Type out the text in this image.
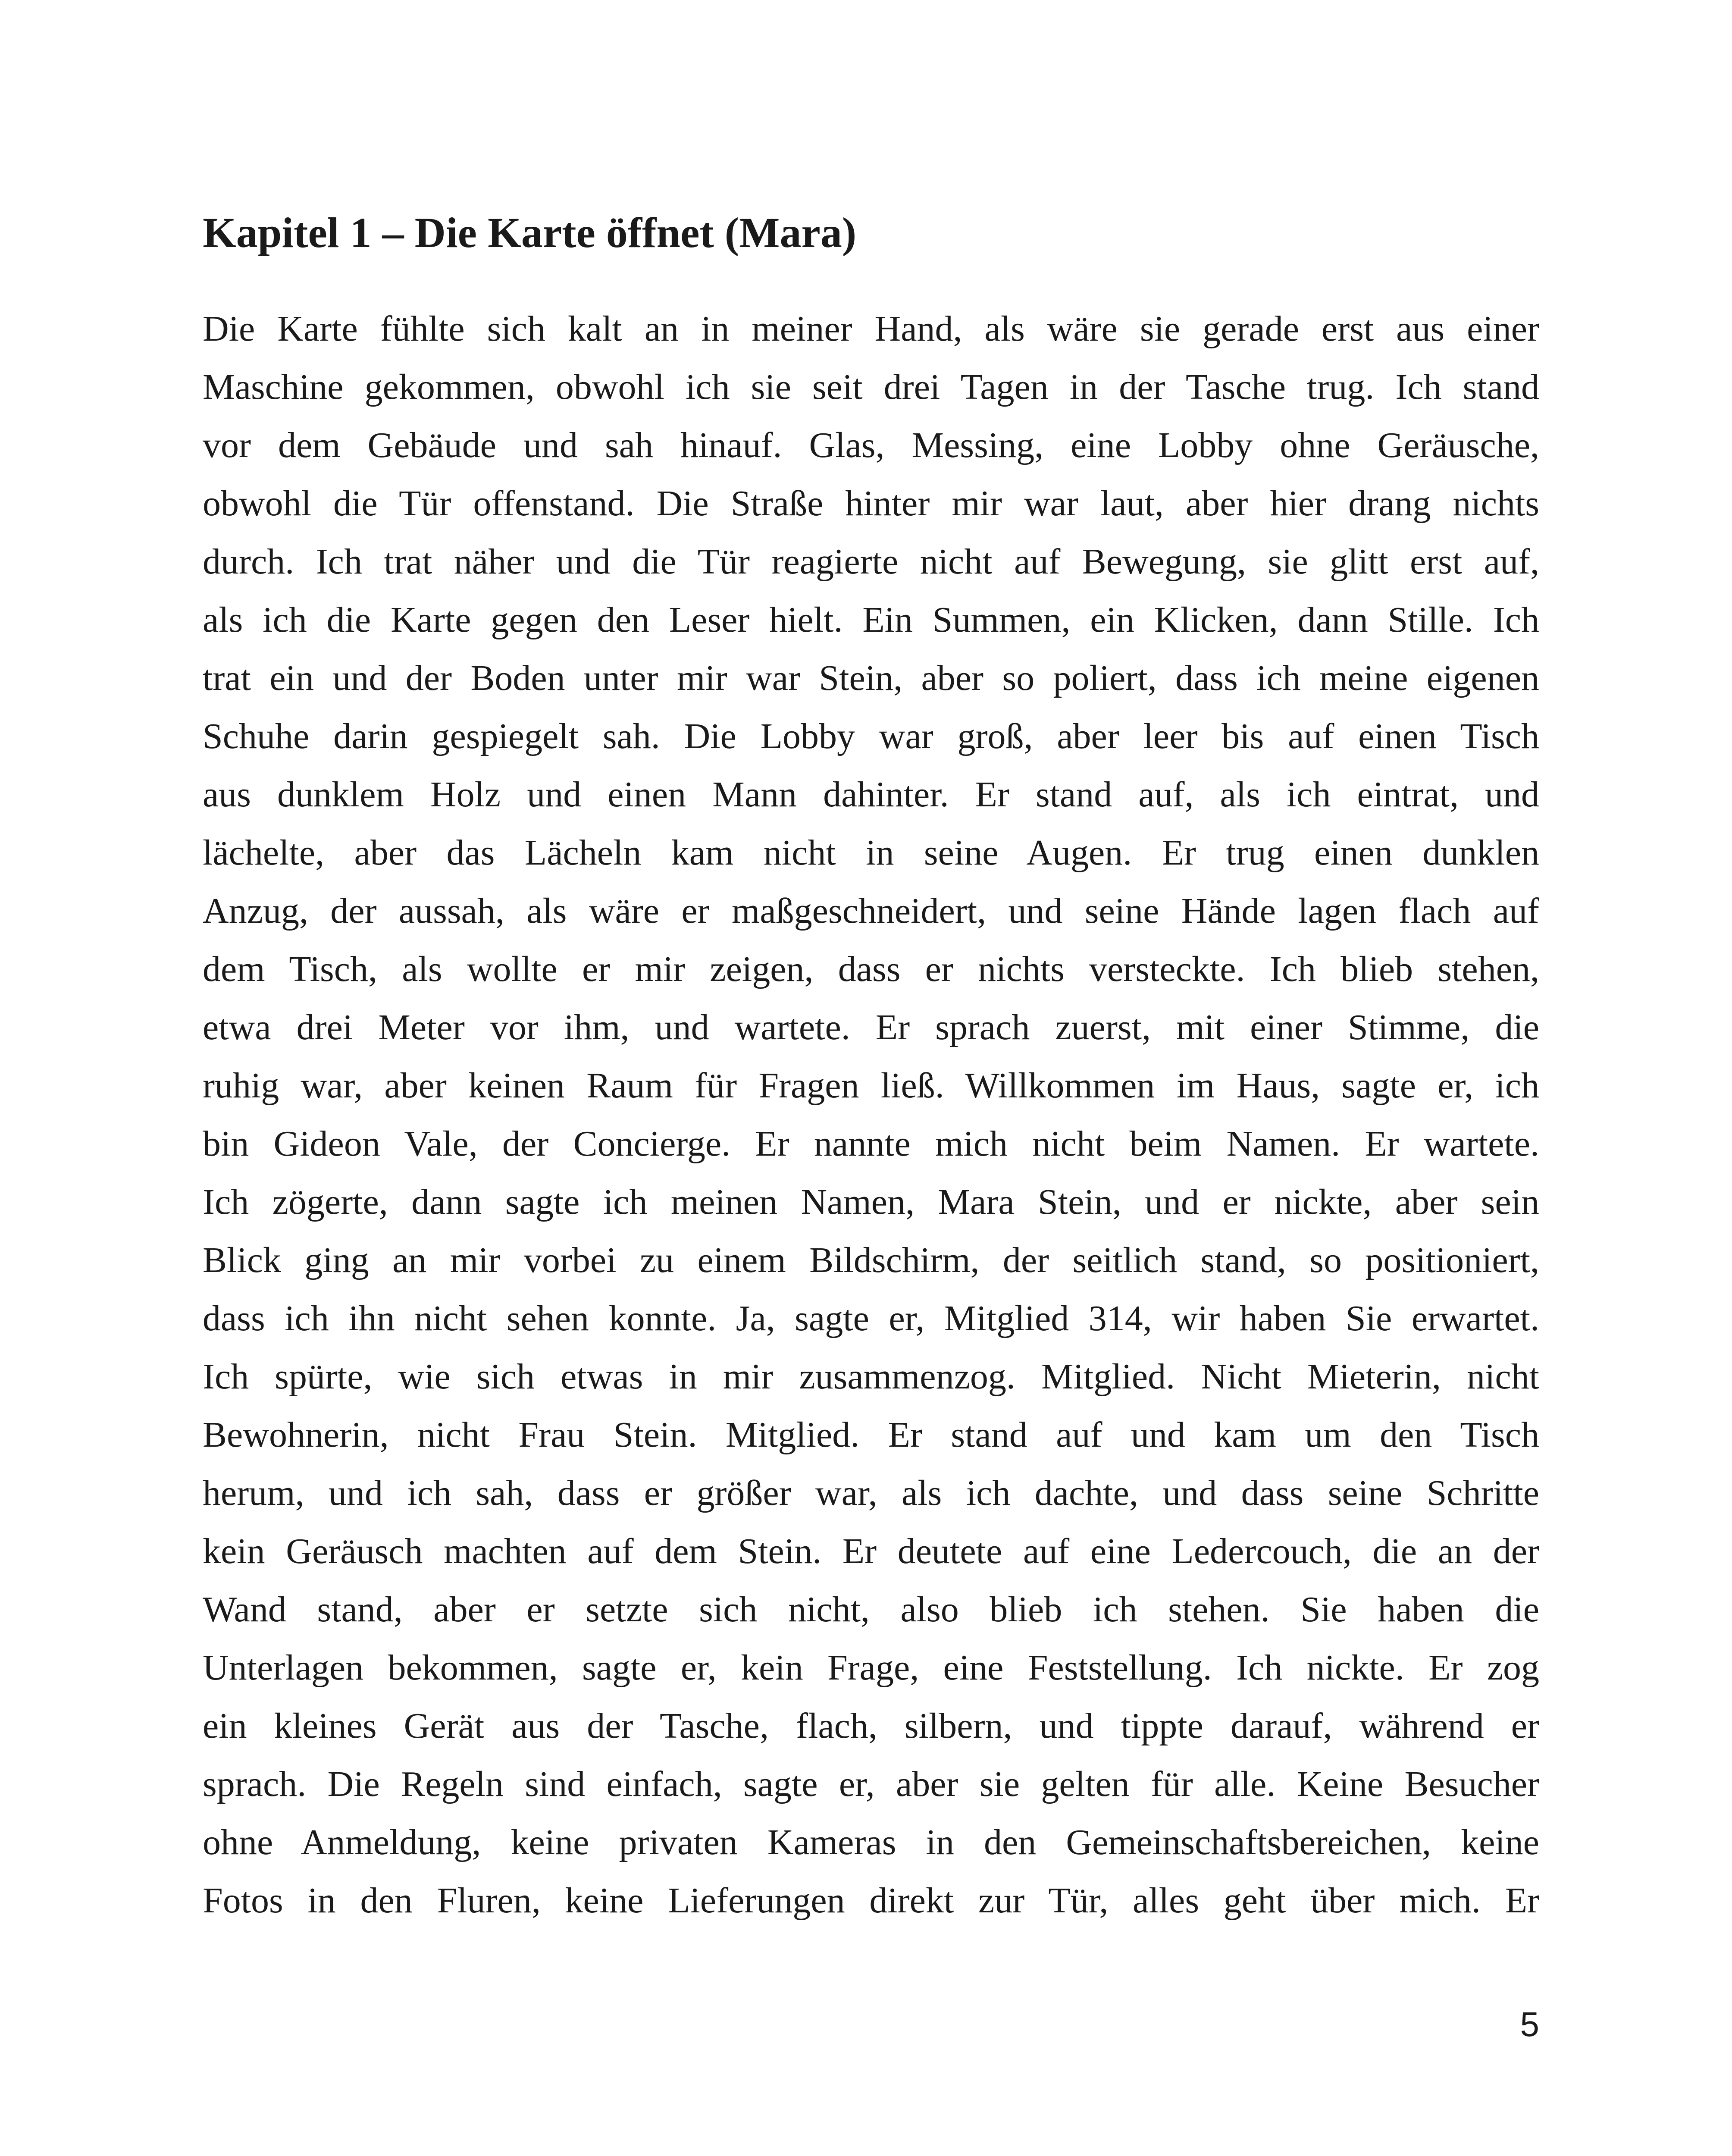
Kapitel 1 – Die Karte öffnet (Mara)
Die Karte fühlte sich kalt an in meiner Hand, als wäre sie gerade erst aus einer
Maschine gekommen, obwohl ich sie seit drei Tagen in der Tasche trug. Ich stand
vor dem Gebäude und sah hinauf. Glas, Messing, eine Lobby ohne Geräusche,
obwohl die Tür offenstand. Die Straße hinter mir war laut, aber hier drang nichts
durch. Ich trat näher und die Tür reagierte nicht auf Bewegung, sie glitt erst auf,
als ich die Karte gegen den Leser hielt. Ein Summen, ein Klicken, dann Stille. Ich
trat ein und der Boden unter mir war Stein, aber so poliert, dass ich meine eigenen
Schuhe darin gespiegelt sah. Die Lobby war groß, aber leer bis auf einen Tisch
aus dunklem Holz und einen Mann dahinter. Er stand auf, als ich eintrat, und
lächelte, aber das Lächeln kam nicht in seine Augen. Er trug einen dunklen
Anzug, der aussah, als wäre er maßgeschneidert, und seine Hände lagen flach auf
dem Tisch, als wollte er mir zeigen, dass er nichts versteckte. Ich blieb stehen,
etwa drei Meter vor ihm, und wartete. Er sprach zuerst, mit einer Stimme, die
ruhig war, aber keinen Raum für Fragen ließ. Willkommen im Haus, sagte er, ich
bin Gideon Vale, der Concierge. Er nannte mich nicht beim Namen. Er wartete.
Ich zögerte, dann sagte ich meinen Namen, Mara Stein, und er nickte, aber sein
Blick ging an mir vorbei zu einem Bildschirm, der seitlich stand, so positioniert,
dass ich ihn nicht sehen konnte. Ja, sagte er, Mitglied 314, wir haben Sie erwartet.
Ich spürte, wie sich etwas in mir zusammenzog. Mitglied. Nicht Mieterin, nicht
Bewohnerin, nicht Frau Stein. Mitglied. Er stand auf und kam um den Tisch
herum, und ich sah, dass er größer war, als ich dachte, und dass seine Schritte
kein Geräusch machten auf dem Stein. Er deutete auf eine Ledercouch, die an der
Wand stand, aber er setzte sich nicht, also blieb ich stehen. Sie haben die
Unterlagen bekommen, sagte er, kein Frage, eine Feststellung. Ich nickte. Er zog
ein kleines Gerät aus der Tasche, flach, silbern, und tippte darauf, während er
sprach. Die Regeln sind einfach, sagte er, aber sie gelten für alle. Keine Besucher
ohne Anmeldung, keine privaten Kameras in den Gemeinschaftsbereichen, keine
Fotos in den Fluren, keine Lieferungen direkt zur Tür, alles geht über mich. Er
5
